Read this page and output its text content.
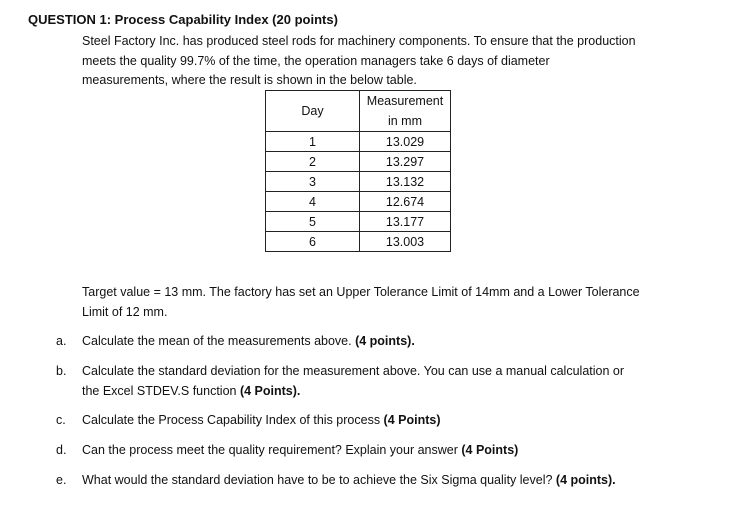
QUESTION 1: Process Capability Index (20 points)
Steel Factory Inc. has produced steel rods for machinery components. To ensure that the production
meets the quality 99.7% of the time, the operation managers take 6 days of diameter
measurements, where the result is shown in the below table.
Day	Measurement
in mm

1	13.029
2	13.297
3	13.132
4	12.674
5	13.177
6	13.003
Target value = 13 mm. The factory has set an Upper Tolerance Limit of 14mm and a Lower Tolerance
Limit of 12 mm.
a. Calculate the mean of the measurements above. (4 points).
b. Calculate the standard deviation for the measurement above. You can use a manual calculation or
the Excel STDEV.S function (4 Points).
c. Calculate the Process Capability Index of this process (4 Points)
d. Can the process meet the quality requirement? Explain your answer (4 Points)
e. What would the standard deviation have to be to achieve the Six Sigma quality level? (4 points).
